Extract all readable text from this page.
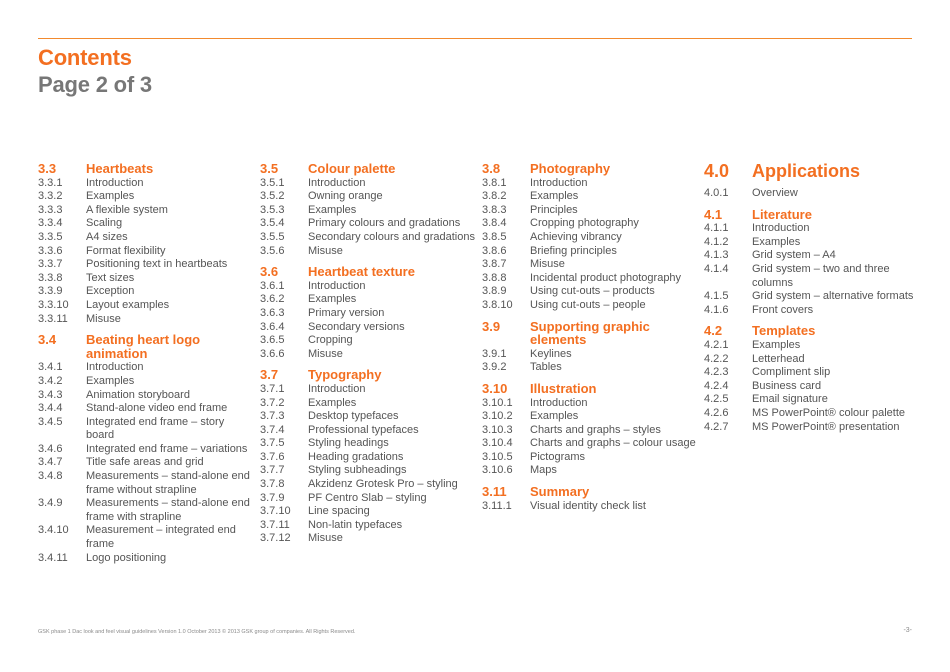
Contents
Page 2 of 3
3.3	Heartbeats
3.3.1	Introduction
3.3.2	Examples
3.3.3	A flexible system
3.3.4	Scaling
3.3.5	A4 sizes
3.3.6	Format flexibility
3.3.7	Positioning text in heartbeats
3.3.8	Text sizes
3.3.9	Exception
3.3.10	Layout examples
3.3.11	Misuse
3.4	Beating heart logo animation
3.4.1	Introduction
3.4.2	Examples
3.4.3	Animation storyboard
3.4.4	Stand-alone video end frame
3.4.5	Integrated end frame – story board
3.4.6	Integrated end frame – variations
3.4.7	Title safe areas and grid
3.4.8	Measurements – stand-alone end frame without strapline
3.4.9	Measurements – stand-alone end frame with strapline
3.4.10	Measurement – integrated end frame
3.4.11	Logo positioning
3.5	Colour palette
3.5.1	Introduction
3.5.2	Owning orange
3.5.3	Examples
3.5.4	Primary colours and gradations
3.5.5	Secondary colours and gradations
3.5.6	Misuse
3.6	Heartbeat texture
3.6.1	Introduction
3.6.2	Examples
3.6.3	Primary version
3.6.4	Secondary versions
3.6.5	Cropping
3.6.6	Misuse
3.7	Typography
3.7.1	Introduction
3.7.2	Examples
3.7.3	Desktop typefaces
3.7.4	Professional typefaces
3.7.5	Styling headings
3.7.6	Heading gradations
3.7.7	Styling subheadings
3.7.8	Akzidenz Grotesk Pro – styling
3.7.9	PF Centro Slab – styling
3.7.10	Line spacing
3.7.11	Non-latin typefaces
3.7.12	Misuse
3.8	Photography
3.8.1	Introduction
3.8.2	Examples
3.8.3	Principles
3.8.4	Cropping photography
3.8.5	Achieving vibrancy
3.8.6	Briefing principles
3.8.7	Misuse
3.8.8	Incidental product photography
3.8.9	Using cut-outs – products
3.8.10	Using cut-outs – people
3.9	Supporting graphic elements
3.9.1	Keylines
3.9.2	Tables
3.10	Illustration
3.10.1	Introduction
3.10.2	Examples
3.10.3	Charts and graphs – styles
3.10.4	Charts and graphs – colour usage
3.10.5	Pictograms
3.10.6	Maps
3.11	Summary
3.11.1	Visual identity check list
4.0	Applications
4.0.1	Overview
4.1	Literature
4.1.1	Introduction
4.1.2	Examples
4.1.3	Grid system – A4
4.1.4	Grid system – two and three columns
4.1.5	Grid system – alternative formats
4.1.6	Front covers
4.2	Templates
4.2.1	Examples
4.2.2	Letterhead
4.2.3	Compliment slip
4.2.4	Business card
4.2.5	Email signature
4.2.6	MS PowerPoint® colour palette
4.2.7	MS PowerPoint® presentation
GSK phase 1 Dac look and feel visual guidelines Version 1.0 October 2013 © 2013 GSK group of companies. All Rights Reserved.	-3-
